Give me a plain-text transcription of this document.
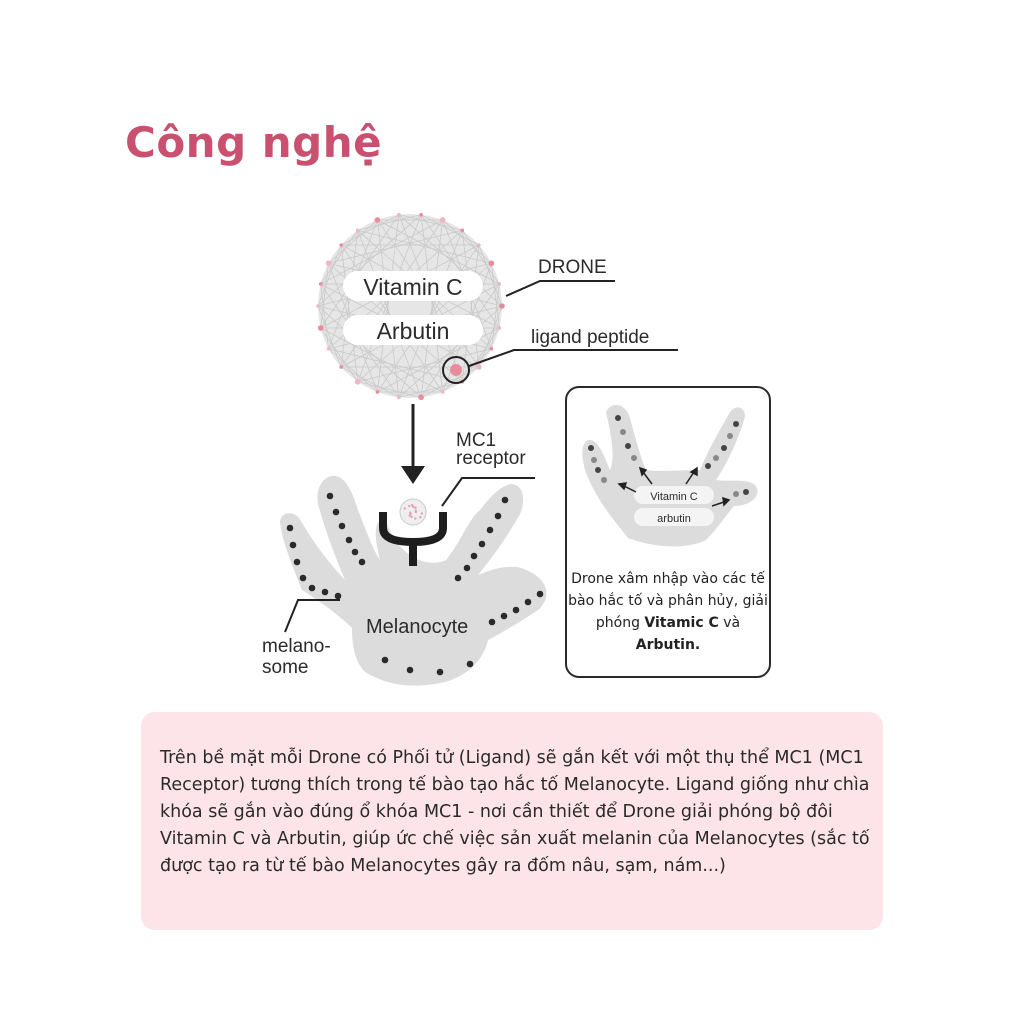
Công nghệ
Vitamin C
Arbutin
DRONE
ligand peptide
Melanocyte
MC1
receptor
melano-
some
Vitamin C
arbutin
Drone xâm nhập vào các tế bào hắc tố và phân hủy, giải phóng Vitamic C và Arbutin.

Trên bề mặt mỗi Drone có Phối tử (Ligand) sẽ gắn kết với một thụ thể MC1 (MC1 Receptor) tương thích trong tế bào tạo hắc tố Melanocyte. Ligand giống như chìa khóa sẽ gắn vào đúng ổ khóa MC1 - nơi cần thiết để Drone giải phóng bộ đôi Vitamin C và Arbutin, giúp ức chế việc sản xuất melanin của Melanocytes (sắc tố được tạo ra từ tế bào Melanocytes gây ra đốm nâu, sạm, nám...)
